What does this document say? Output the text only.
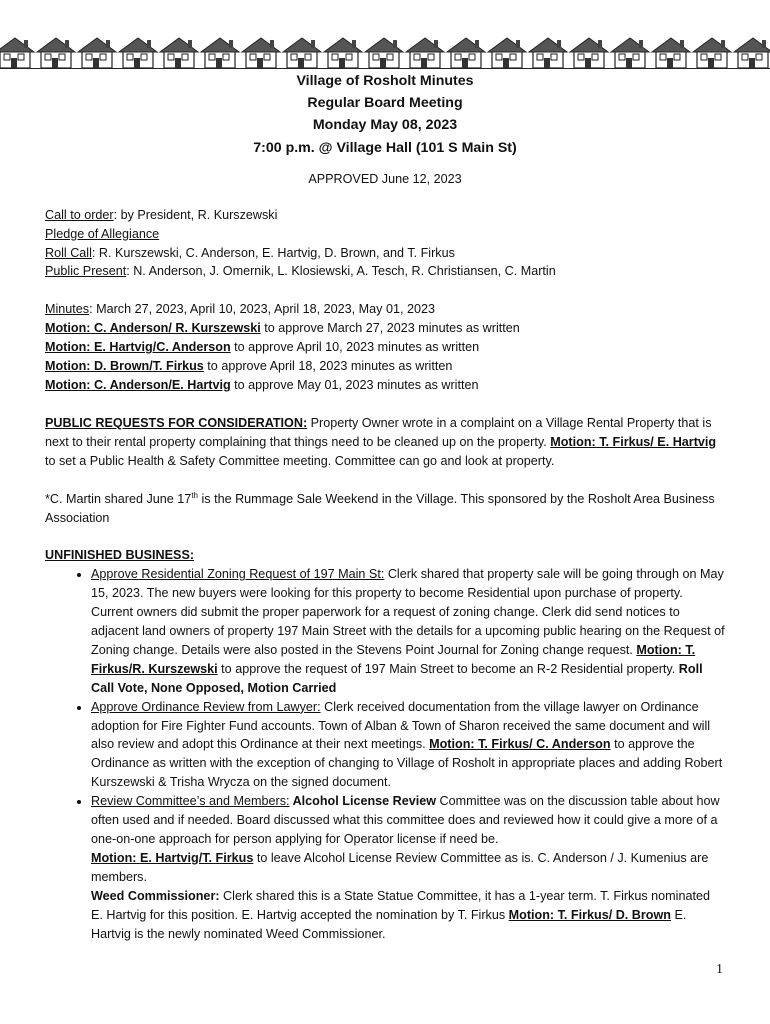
Village of Rosholt Minutes
Regular Board Meeting
Monday May 08, 2023
7:00 p.m. @ Village Hall (101 S Main St)
APPROVED June 12, 2023

Call to order: by President, R. Kurszewski

Pledge of Allegiance

Roll Call: R. Kurszewski, C. Anderson, E. Hartvig, D. Brown, and T. Firkus

Public Present: N. Anderson, J. Omernik, L. Klosiewski, A. Tesch, R. Christiansen, C. Martin

Minutes: March 27, 2023, April 10, 2023, April 18, 2023, May 01, 2023

Motion: C. Anderson/ R. Kurszewski to approve March 27, 2023 minutes as written

Motion: E. Hartvig/C. Anderson to approve April 10, 2023 minutes as written

Motion: D. Brown/T. Firkus to approve April 18, 2023 minutes as written

Motion: C. Anderson/E. Hartvig to approve May 01, 2023 minutes as written

PUBLIC REQUESTS FOR CONSIDERATION: Property Owner wrote in a complaint on a Village Rental Property that is next to their rental property complaining that things need to be cleaned up on the property. Motion: T. Firkus/ E. Hartvig to set a Public Health & Safety Committee meeting. Committee can go and look at property.

*C. Martin shared June 17th is the Rummage Sale Weekend in the Village. This sponsored by the Rosholt Area Business Association

UNFINISHED BUSINESS:

• Approve Residential Zoning Request of 197 Main St: Clerk shared that property sale will be going through on May 15, 2023. The new buyers were looking for this property to become Residential upon purchase of property. Current owners did submit the proper paperwork for a request of zoning change. Clerk did send notices to adjacent land owners of property 197 Main Street with the details for a upcoming public hearing on the Request of Zoning change. Details were also posted in the Stevens Point Journal for Zoning change request. Motion: T. Firkus/R. Kurszewski to approve the request of 197 Main Street to become an R-2 Residential property. Roll Call Vote, None Opposed, Motion Carried
• Approve Ordinance Review from Lawyer: Clerk received documentation from the village lawyer on Ordinance adoption for Fire Fighter Fund accounts. Town of Alban & Town of Sharon received the same document and will also review and adopt this Ordinance at their next meetings. Motion: T. Firkus/ C. Anderson to approve the Ordinance as written with the exception of changing to Village of Rosholt in appropriate places and adding Robert Kurszewski & Trisha Wrycza on the signed document.
• Review Committee’s and Members: Alcohol License Review Committee was on the discussion table about how often used and if needed. Board discussed what this committee does and reviewed how it could give a more of a one-on-one approach for person applying for Operator license if need be.
Motion: E. Hartvig/T. Firkus to leave Alcohol License Review Committee as is. C. Anderson / J. Kumenius are members.
Weed Commissioner: Clerk shared this is a State Statue Committee, it has a 1-year term. T. Firkus nominated E. Hartvig for this position. E. Hartvig accepted the nomination by T. Firkus Motion: T. Firkus/ D. Brown E. Hartvig is the newly nominated Weed Commissioner.
1
